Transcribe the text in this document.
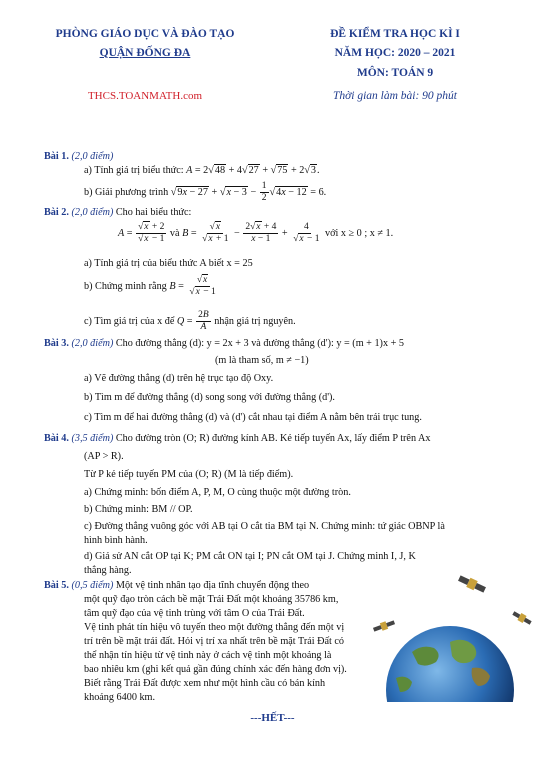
PHÒNG GIÁO DỤC VÀ ĐÀO TẠO
QUẬN ĐỐNG ĐA
THCS.TOANMATH.com
ĐỀ KIỂM TRA HỌC KÌ I
NĂM HỌC: 2020 – 2021
MÔN: TOÁN 9
Thời gian làm bài: 90 phút
Bài 1. (2,0 điểm)
a) Tính giá trị biểu thức: A = 2√48 + 4√27 + √75 + 2√3.
b) Giải phương trình $√9x - 27 + √x - 3 - \frac{1}{2} √4x - 12 = 6$.
Bài 2. (2,0 điểm) Cho hai biểu thức:
$A = \frac{√x + 2}{√x - 1}$ và $B = \frac{√x}{√x + 1} - \frac{2√x + 4}{x - 1} + \frac{4}{√x - 1}$ với x ≥ 0 ; x ≠ 1.
a) Tính giá trị của biểu thức A biết x = 25
b) Chứng minh rằng $B = \frac{√x}{√x - 1}$
c) Tìm giá trị của x để $Q = \frac{2B}{A}$ nhận giá trị nguyên.
Bài 3. (2,0 điểm) Cho đường thẳng (d): y = 2x + 3 và đường thẳng (d'): y = (m + 1)x + 5
(m là tham số, m ≠ −1)
a) Vẽ đường thẳng (d) trên hệ trục tạo độ Oxy.
b) Tìm m để đường thẳng (d) song song với đường thẳng (d').
c) Tìm m để hai đường thẳng (d) và (d') cắt nhau tại điểm A nằm bên trái trục tung.
Bài 4. (3,5 điểm) Cho đường tròn (O; R) đường kính AB. Kẻ tiếp tuyến Ax, lấy điểm P trên Ax
(AP > R).
Từ P kẻ tiếp tuyến PM của (O; R) (M là tiếp điểm).
a) Chứng minh: bốn điểm A, P, M, O cùng thuộc một đường tròn.
b) Chứng minh: BM // OP.
c) Đường thẳng vuông góc với AB tại O cắt tia BM tại N. Chứng minh: tứ giác OBNP là
hình bình hành.
d) Giả sử AN cắt OP tại K; PM cắt ON tại I; PN cắt OM tại J. Chứng minh I, J, K
thẳng hàng.
Bài 5. (0,5 điểm) Một vệ tinh nhân tạo địa tĩnh chuyển động theo
một quỹ đạo tròn cách bề mặt Trái Đất một khoảng 35786 km,
tâm quỹ đạo của vệ tinh trùng với tâm O của Trái Đất.
Vệ tinh phát tín hiệu vô tuyến theo một đường thẳng đến một vị
trí trên bề mặt trái đất. Hỏi vị trí xa nhất trên bề mặt Trái Đất có
thể nhận tín hiệu từ vệ tinh này ở cách vệ tinh một khoảng là
bao nhiêu km (ghi kết quả gần đúng chính xác đến hàng đơn vị).
Biết rằng Trái Đất được xem như một hình cầu có bán kính
khoảng 6400 km.
---HẾT---
